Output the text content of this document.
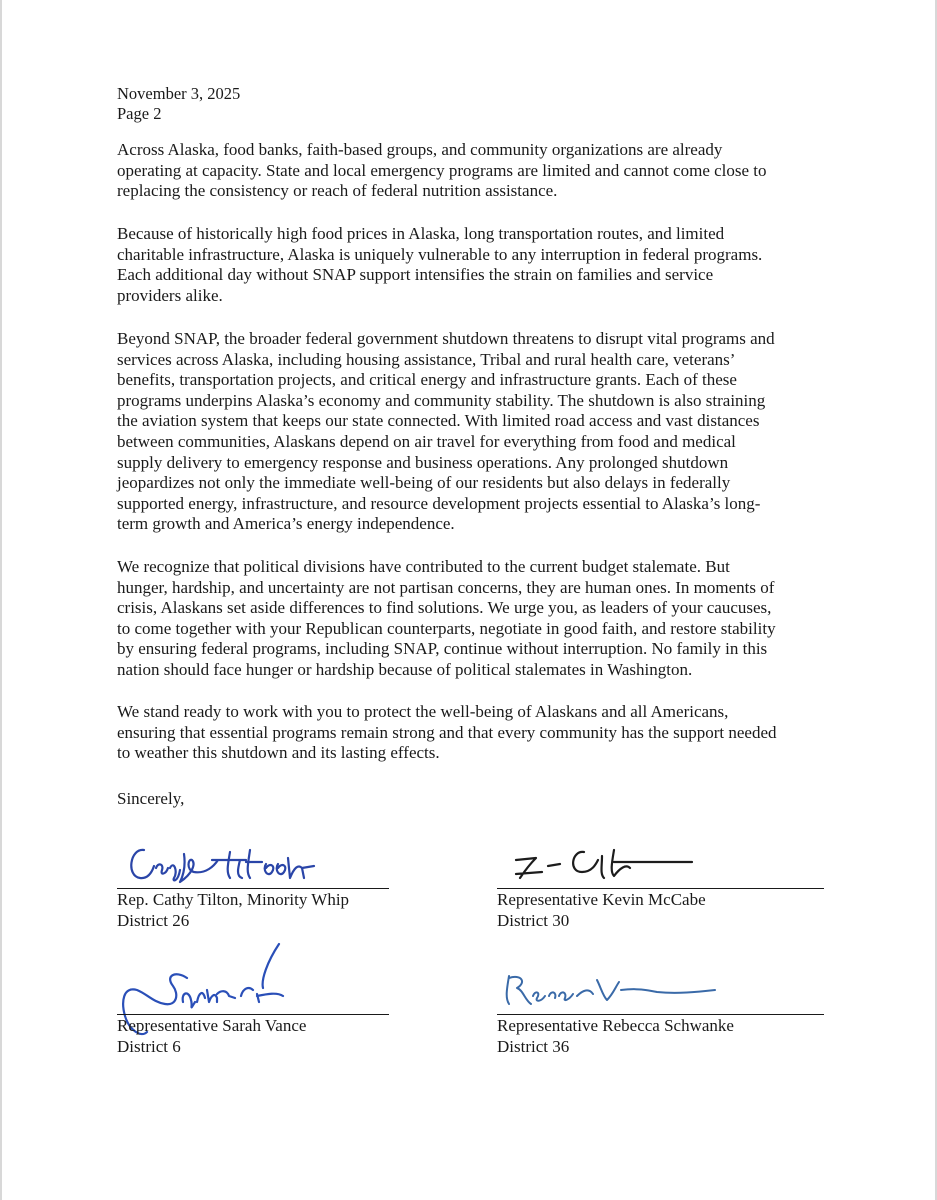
November 3, 2025
Page 2

Across Alaska, food banks, faith-based groups, and community organizations are already
operating at capacity. State and local emergency programs are limited and cannot come close to
replacing the consistency or reach of federal nutrition assistance.

Because of historically high food prices in Alaska, long transportation routes, and limited
charitable infrastructure, Alaska is uniquely vulnerable to any interruption in federal programs.
Each additional day without SNAP support intensifies the strain on families and service
providers alike.

Beyond SNAP, the broader federal government shutdown threatens to disrupt vital programs and
services across Alaska, including housing assistance, Tribal and rural health care, veterans’
benefits, transportation projects, and critical energy and infrastructure grants. Each of these
programs underpins Alaska’s economy and community stability. The shutdown is also straining
the aviation system that keeps our state connected. With limited road access and vast distances
between communities, Alaskans depend on air travel for everything from food and medical
supply delivery to emergency response and business operations. Any prolonged shutdown
jeopardizes not only the immediate well-being of our residents but also delays in federally
supported energy, infrastructure, and resource development projects essential to Alaska’s long-
term growth and America’s energy independence.

We recognize that political divisions have contributed to the current budget stalemate. But
hunger, hardship, and uncertainty are not partisan concerns, they are human ones. In moments of
crisis, Alaskans set aside differences to find solutions. We urge you, as leaders of your caucuses,
to come together with your Republican counterparts, negotiate in good faith, and restore stability
by ensuring federal programs, including SNAP, continue without interruption. No family in this
nation should face hunger or hardship because of political stalemates in Washington.

We stand ready to work with you to protect the well-being of Alaskans and all Americans,
ensuring that essential programs remain strong and that every community has the support needed
to weather this shutdown and its lasting effects.

Sincerely,
Rep. Cathy Tilton, Minority Whip
District 26
Representative Kevin McCabe
District 30
Representative Sarah Vance
District 6
Representative Rebecca Schwanke
District 36
